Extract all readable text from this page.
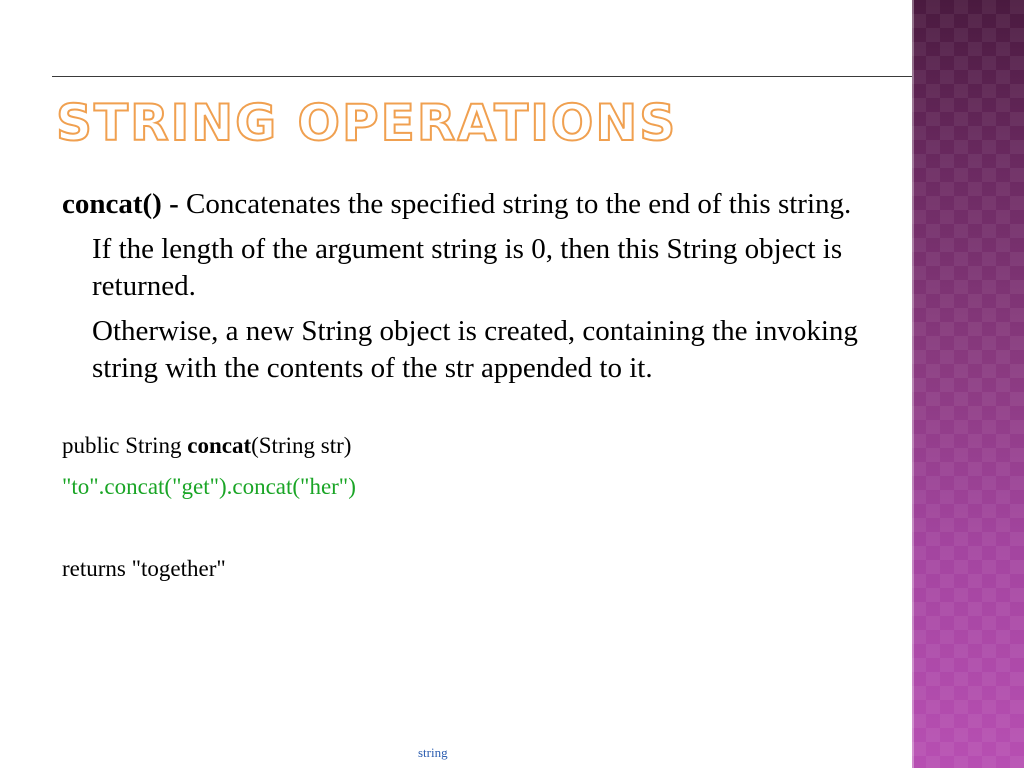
STRING OPERATIONS

concat() - Concatenates the specified string to the end of this string.

If the length of the argument string is 0, then this String object is returned.

Otherwise, a new String object is created, containing the invoking string with the contents of the str appended to it.

public String concat(String str)

"to".concat("get").concat("her")

returns "together"

string
